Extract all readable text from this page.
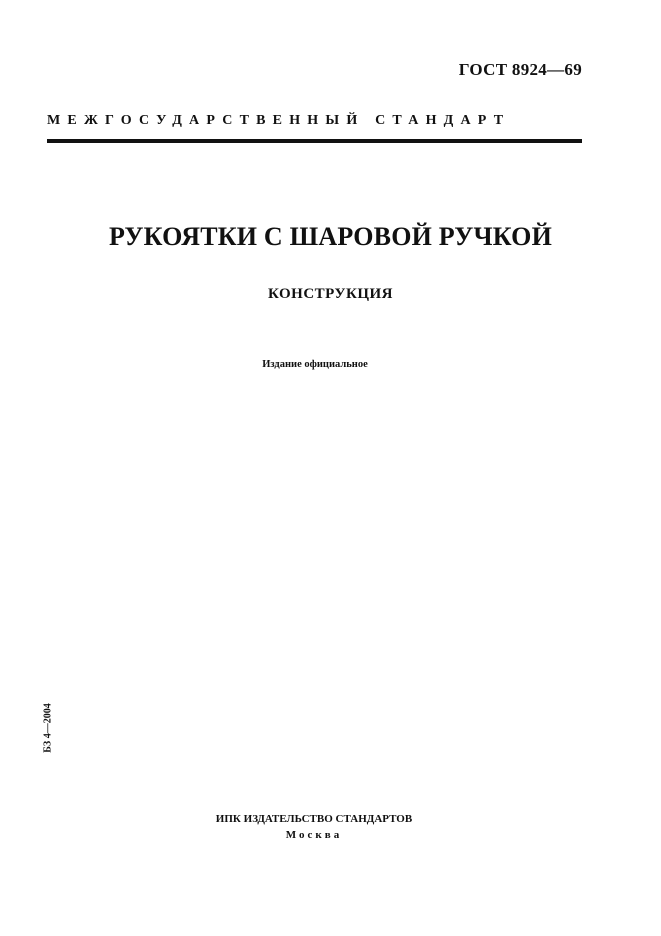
ГОСТ 8924—69
МЕЖГОСУДАРСТВЕННЫЙ СТАНДАРТ
РУКОЯТКИ С ШАРОВОЙ РУЧКОЙ
КОНСТРУКЦИЯ
Издание официальное
БЗ 4—2004
ИПК ИЗДАТЕЛЬСТВО СТАНДАРТОВ
Москва
